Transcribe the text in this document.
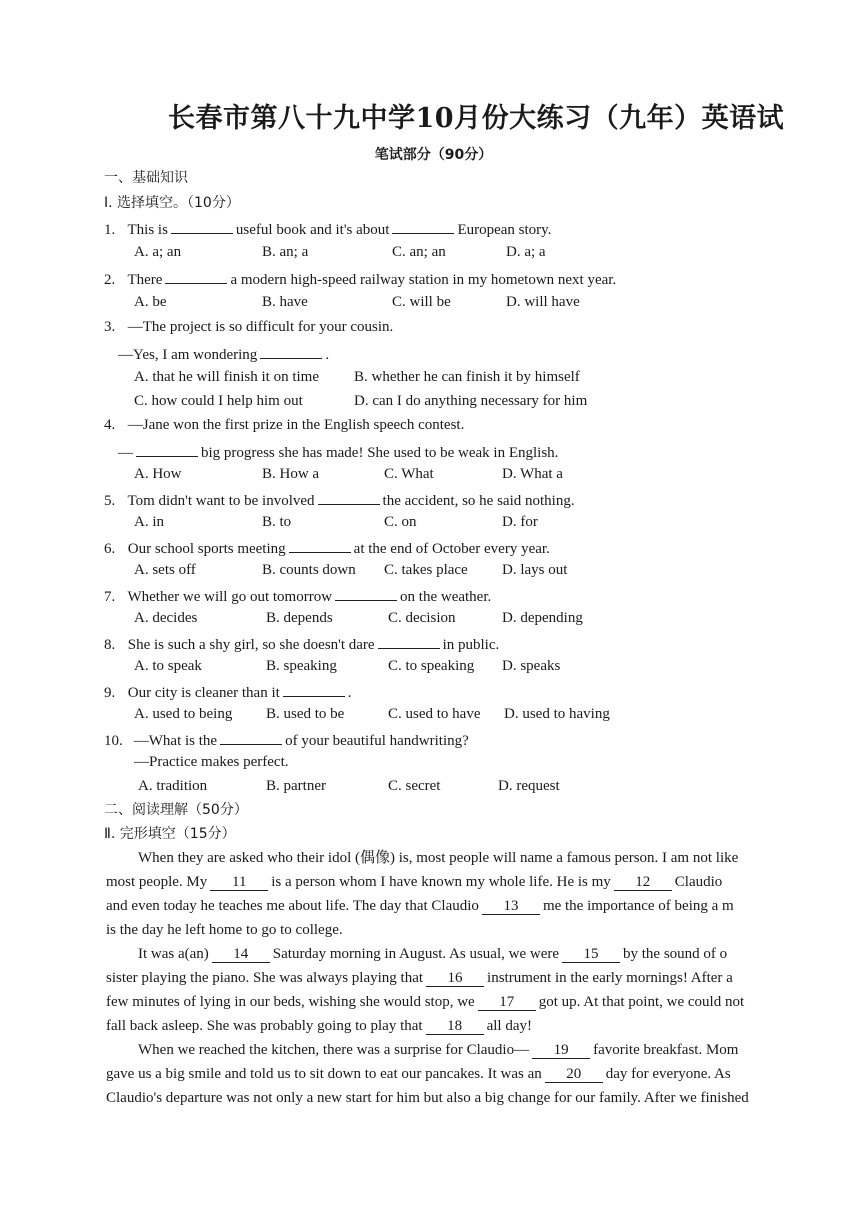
长春市第八十九中学10月份大练习（九年）英语试
笔试部分（90分）
一、基础知识
I. 选择填空。（10分）
1. This is	useful book and it's about	European story.
A. a; an	B. an; a	C. an; an	D. a; a
2. There	a modern high-speed railway station in my hometown next year.
A. be	B. have	C. will be	D. will have
3. —The project is so difficult for your cousin.
—Yes, I am wondering	.
A. that he will finish it on time B. whether he can finish it by himself
C. how could I help him out	D. can I do anything necessary for him
4. —Jane won the first prize in the English speech contest.
—	big progress she has made! She used to be weak in English.
A. How	B. How a	C. What	D. What a
5. Tom didn't want to be involved	the accident, so he said nothing.
A. in	B. to	C. on	D. for
6. Our school sports meeting	at the end of October every year.
A. sets off	B. counts down C. takes place D. lays out
7. Whether we will go out tomorrow	on the weather.
A. decides	B. depends	C. decision	D. depending
8. She is such a shy girl, so she doesn't dare	in public.
A. to speak	B. speaking	C. to speaking D. speaks
9. Our city is cleaner than it	.
A. used to being B. used to be	C. used to have D. used to having
10. —What is the	of your beautiful handwriting?
—Practice makes perfect.
A. tradition	B. partner	C. secret	D. request
二、阅读理解（50分）
Ⅱ. 完形填空（15分）
When they are asked who their idol (偶像) is, most people will name a famous person. I am not like
most people. My 11 is a person whom I have known my whole life. He is my 12 Claudio
and even today he teaches me about life. The day that Claudio 13 me the importance of being a m
is the day he left home to go to college.
It was a(an) 14 Saturday morning in August. As usual, we were 15 by the sound of o
sister playing the piano. She was always playing that 16 instrument in the early mornings! After a
few minutes of lying in our beds, wishing she would stop, we 17 got up. At that point, we could not
fall back asleep. She was probably going to play that 18 all day!
When we reached the kitchen, there was a surprise for Claudio— 19 favorite breakfast. Mom
gave us a big smile and told us to sit down to eat our pancakes. It was an 20 day for everyone. As
Claudio's departure was not only a new start for him but also a big change for our family. After we finished
